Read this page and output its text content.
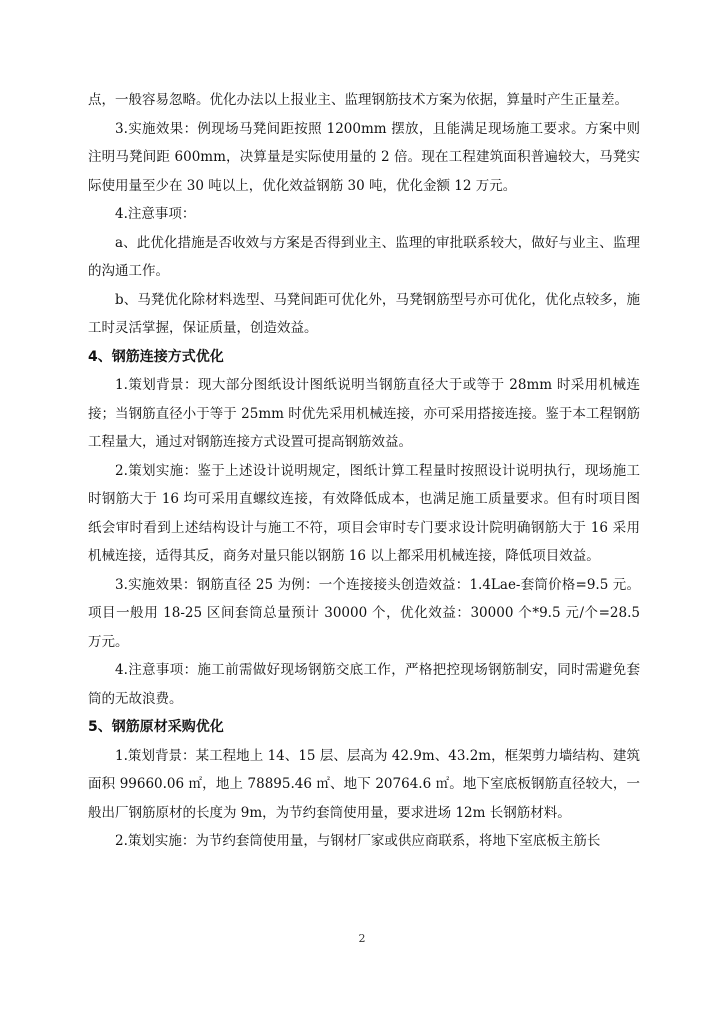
点，一般容易忽略。优化办法以上报业主、监理钢筋技术方案为依据，算量时产生正量差。

3.实施效果：例现场马凳间距按照 1200mm 摆放，且能满足现场施工要求。方案中则注明马凳间距 600mm，决算量是实际使用量的 2 倍。现在工程建筑面积普遍较大，马凳实际使用量至少在 30 吨以上，优化效益钢筋 30 吨，优化金额 12 万元。

4.注意事项：

a、此优化措施是否收效与方案是否得到业主、监理的审批联系较大，做好与业主、监理的沟通工作。

b、马凳优化除材料选型、马凳间距可优化外，马凳钢筋型号亦可优化，优化点较多，施工时灵活掌握，保证质量，创造效益。

4、钢筋连接方式优化

1.策划背景：现大部分图纸设计图纸说明当钢筋直径大于或等于 28mm 时采用机械连接；当钢筋直径小于等于 25mm 时优先采用机械连接，亦可采用搭接连接。鉴于本工程钢筋工程量大，通过对钢筋连接方式设置可提高钢筋效益。

2.策划实施：鉴于上述设计说明规定，图纸计算工程量时按照设计说明执行，现场施工时钢筋大于 16 均可采用直螺纹连接，有效降低成本，也满足施工质量要求。但有时项目图纸会审时看到上述结构设计与施工不符，项目会审时专门要求设计院明确钢筋大于 16 采用机械连接，适得其反，商务对量只能以钢筋 16 以上都采用机械连接，降低项目效益。

3.实施效果：钢筋直径 25 为例：一个连接接头创造效益：1.4Lae-套筒价格=9.5 元。项目一般用 18-25 区间套筒总量预计 30000 个，优化效益：30000 个*9.5 元/个=28.5 万元。

4.注意事项：施工前需做好现场钢筋交底工作，严格把控现场钢筋制安，同时需避免套筒的无故浪费。

5、钢筋原材采购优化

1.策划背景：某工程地上 14、15 层、层高为 42.9m、43.2m，框架剪力墙结构、建筑面积 99660.06 ㎡，地上 78895.46 ㎡、地下 20764.6 ㎡。地下室底板钢筋直径较大，一般出厂钢筋原材的长度为 9m，为节约套筒使用量，要求进场 12m 长钢筋材料。

2.策划实施：为节约套筒使用量，与钢材厂家或供应商联系，将地下室底板主筋长

2
